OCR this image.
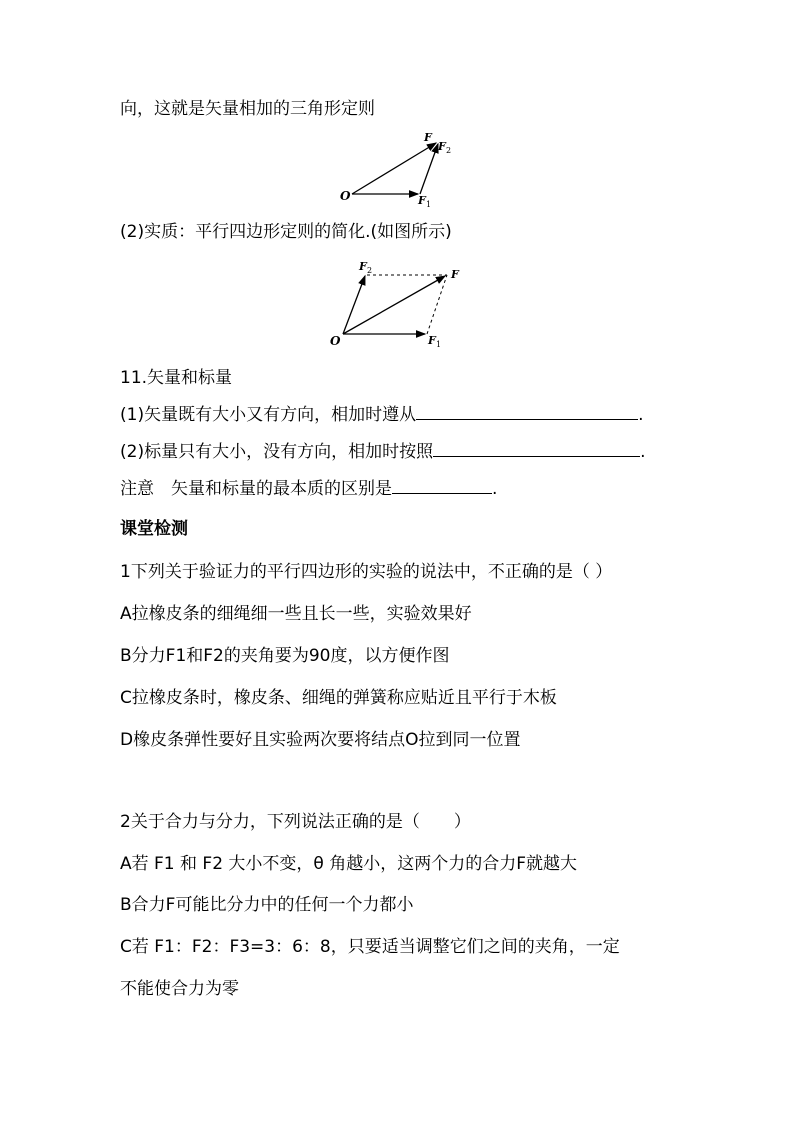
向，这就是矢量相加的三角形定则
O
F
F 2
F 1
(2)实质：平行四边形定则的简化.(如图所示)
O
F 2	F
F 1
11.矢量和标量
(1)矢量既有大小又有方向，相加时遵从	.
(2)标量只有大小，没有方向，相加时按照	.
注意　矢量和标量的最本质的区别是	.
课堂检测
1下列关于验证力的平行四边形的实验的说法中，不正确的是（ ）
A拉橡皮条的细绳细一些且长一些，实验效果好
B分力F1和F2的夹角要为90度，以方便作图
C拉橡皮条时，橡皮条、细绳的弹簧称应贴近且平行于木板
D橡皮条弹性要好且实验两次要将结点O拉到同一位置
2关于合力与分力，下列说法正确的是（　　）
A若 F1 和 F2 大小不变，θ 角越小，这两个力的合力F就越大
B合力F可能比分力中的任何一个力都小
C若 F1：F2：F3=3：6：8，只要适当调整它们之间的夹角，一定
不能使合力为零
